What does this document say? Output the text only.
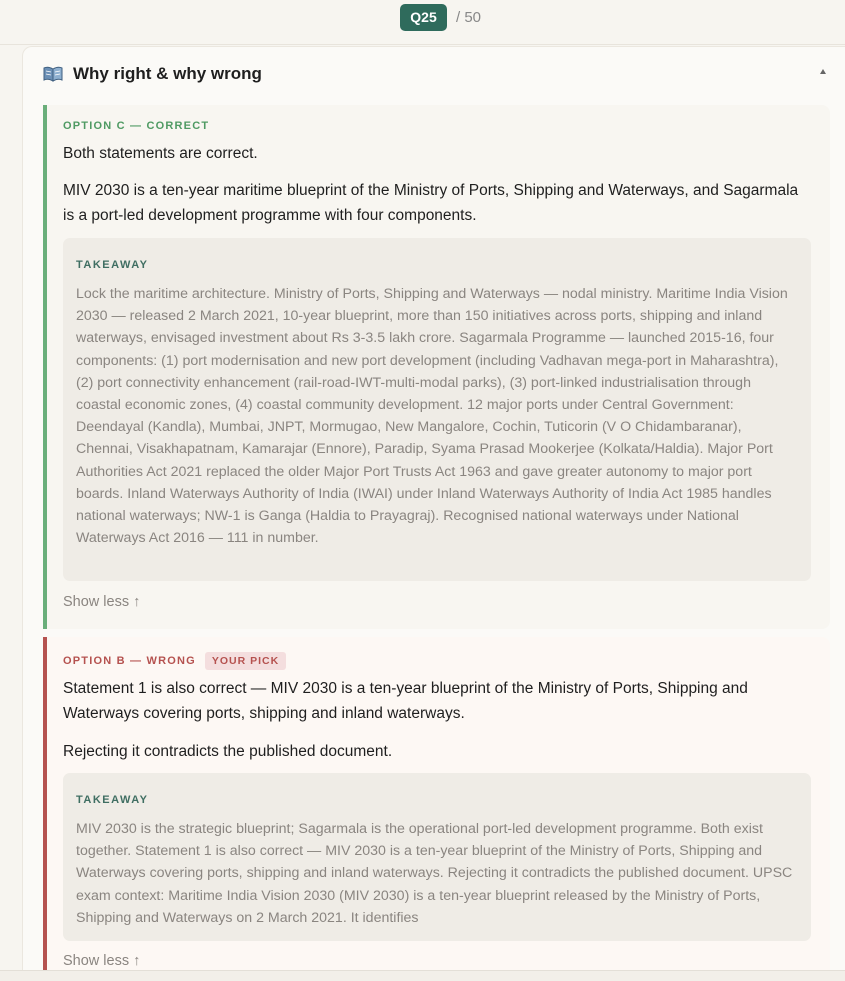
Q25	/ 50
Why right & why wrong
OPTION C — CORRECT
Both statements are correct.
MIV 2030 is a ten-year maritime blueprint of the Ministry of Ports, Shipping and Waterways, and Sagarmala is a port-led development programme with four components.
TAKEAWAY
Lock the maritime architecture. Ministry of Ports, Shipping and Waterways — nodal ministry. Maritime India Vision 2030 — released 2 March 2021, 10-year blueprint, more than 150 initiatives across ports, shipping and inland waterways, envisaged investment about Rs 3-3.5 lakh crore. Sagarmala Programme — launched 2015-16, four components: (1) port modernisation and new port development (including Vadhavan mega-port in Maharashtra), (2) port connectivity enhancement (rail-road-IWT-multi-modal parks), (3) port-linked industrialisation through coastal economic zones, (4) coastal community development. 12 major ports under Central Government: Deendayal (Kandla), Mumbai, JNPT, Mormugao, New Mangalore, Cochin, Tuticorin (V O Chidambaranar), Chennai, Visakhapatnam, Kamarajar (Ennore), Paradip, Syama Prasad Mookerjee (Kolkata/Haldia). Major Port Authorities Act 2021 replaced the older Major Port Trusts Act 1963 and gave greater autonomy to major port boards. Inland Waterways Authority of India (IWAI) under Inland Waterways Authority of India Act 1985 handles national waterways; NW-1 is Ganga (Haldia to Prayagraj). Recognised national waterways under National Waterways Act 2016 — 111 in number.
Show less ↑
OPTION B — WRONG	YOUR PICK
Statement 1 is also correct — MIV 2030 is a ten-year blueprint of the Ministry of Ports, Shipping and Waterways covering ports, shipping and inland waterways.
Rejecting it contradicts the published document.
TAKEAWAY
MIV 2030 is the strategic blueprint; Sagarmala is the operational port-led development programme. Both exist together. Statement 1 is also correct — MIV 2030 is a ten-year blueprint of the Ministry of Ports, Shipping and Waterways covering ports, shipping and inland waterways. Rejecting it contradicts the published document. UPSC exam context: Maritime India Vision 2030 (MIV 2030) is a ten-year blueprint released by the Ministry of Ports, Shipping and Waterways on 2 March 2021. It identifies
Show less ↑
